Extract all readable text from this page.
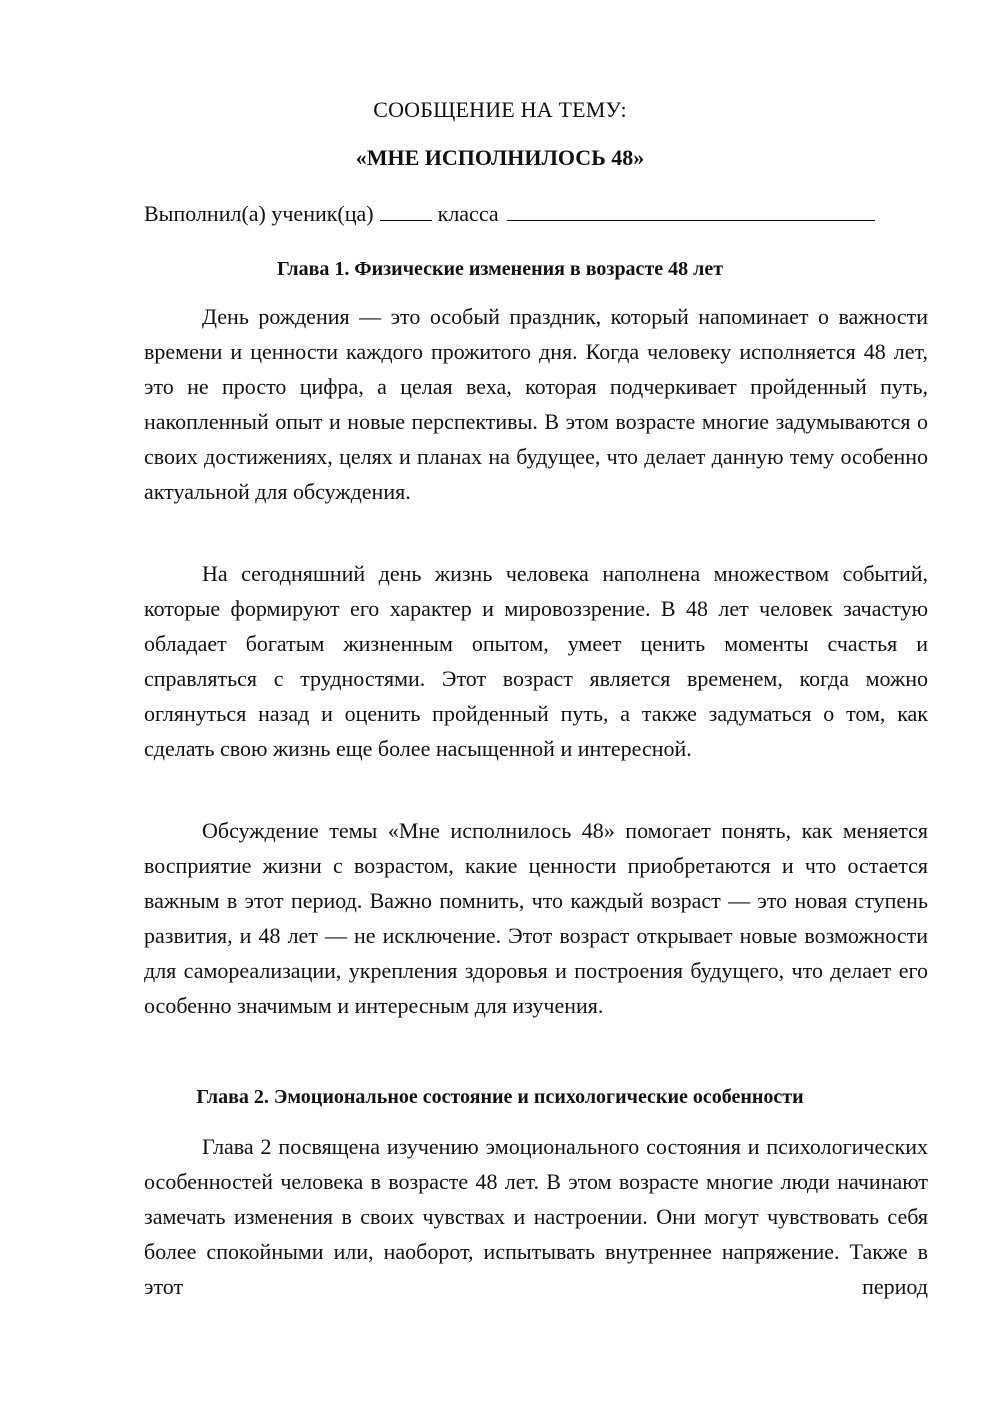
СООБЩЕНИЕ НА ТЕМУ:
«МНЕ ИСПОЛНИЛОСЬ 48»
Выполнил(а) ученик(ца)	класса
Глава 1. Физические изменения в возрасте 48 лет

День рождения — это особый праздник, который напоминает о важности времени и ценности каждого прожитого дня. Когда человеку исполняется 48 лет, это не просто цифра, а целая веха, которая подчеркивает пройденный путь, накопленный опыт и новые перспективы. В этом возрасте многие задумываются о своих достижениях, целях и планах на будущее, что делает данную тему особенно актуальной для обсуждения.

На сегодняшний день жизнь человека наполнена множеством событий, которые формируют его характер и мировоззрение. В 48 лет человек зачастую обладает богатым жизненным опытом, умеет ценить моменты счастья и справляться с трудностями. Этот возраст является временем, когда можно оглянуться назад и оценить пройденный путь, а также задуматься о том, как сделать свою жизнь еще более насыщенной и интересной.

Обсуждение темы «Мне исполнилось 48» помогает понять, как меняется восприятие жизни с возрастом, какие ценности приобретаются и что остается важным в этот период. Важно помнить, что каждый возраст — это новая ступень развития, и 48 лет — не исключение. Этот возраст открывает новые возможности для самореализации, укрепления здоровья и построения будущего, что делает его особенно значимым и интересным для изучения.

Глава 2. Эмоциональное состояние и психологические особенности

Глава 2 посвящена изучению эмоционального состояния и психологических особенностей человека в возрасте 48 лет. В этом возрасте многие люди начинают замечать изменения в своих чувствах и настроении. Они могут чувствовать себя более спокойными или, наоборот, испытывать внутреннее напряжение. Также в этот период
